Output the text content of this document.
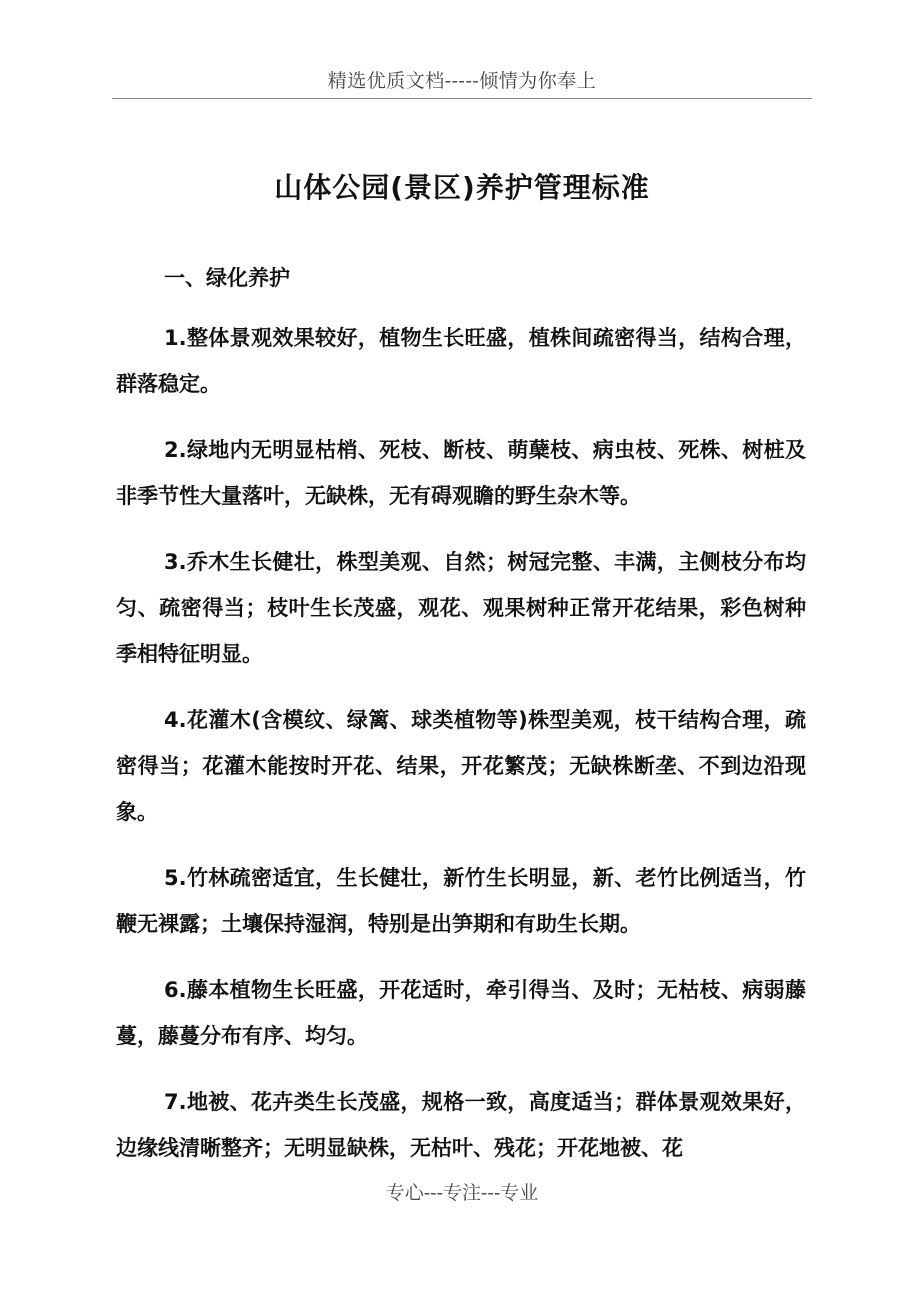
精选优质文档-----倾情为你奉上
山体公园(景区)养护管理标准
一、绿化养护

1.整体景观效果较好，植物生长旺盛，植株间疏密得当，结构合理，群落稳定。

2.绿地内无明显枯梢、死枝、断枝、萌蘖枝、病虫枝、死株、树桩及非季节性大量落叶，无缺株，无有碍观瞻的野生杂木等。

3.乔木生长健壮，株型美观、自然；树冠完整、丰满，主侧枝分布均匀、疏密得当；枝叶生长茂盛，观花、观果树种正常开花结果，彩色树种季相特征明显。

4.花灌木(含模纹、绿篱、球类植物等)株型美观，枝干结构合理，疏密得当；花灌木能按时开花、结果，开花繁茂；无缺株断垄、不到边沿现象。

5.竹林疏密适宜，生长健壮，新竹生长明显，新、老竹比例适当，竹鞭无裸露；土壤保持湿润，特别是出笋期和有助生长期。

6.藤本植物生长旺盛，开花适时，牵引得当、及时；无枯枝、病弱藤蔓，藤蔓分布有序、均匀。

7.地被、花卉类生长茂盛，规格一致，高度适当；群体景观效果好，边缘线清晰整齐；无明显缺株，无枯叶、残花；开花地被、花

专心---专注---专业
